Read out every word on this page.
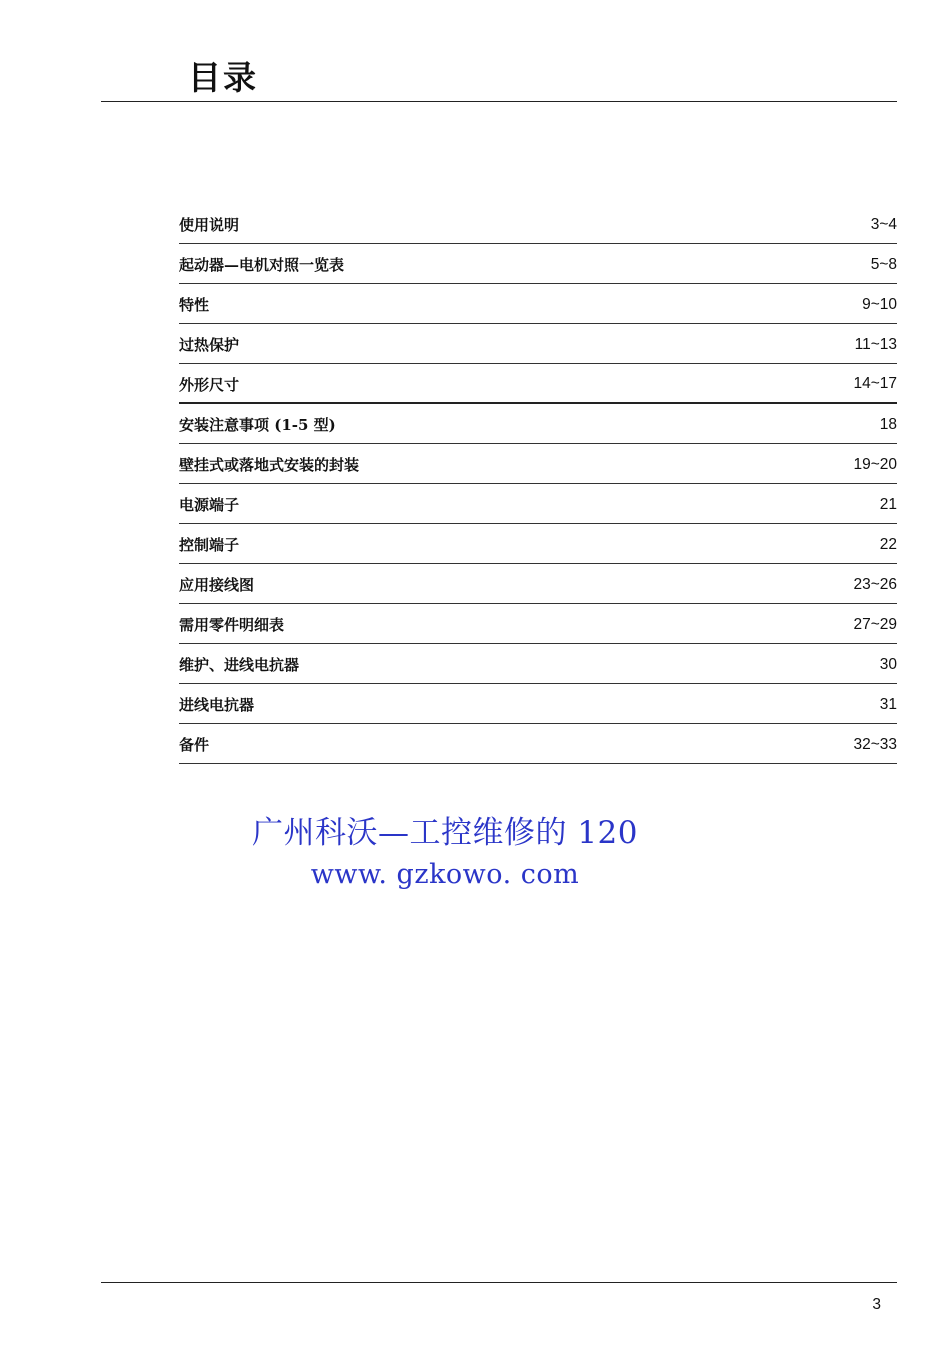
目录
使用说明	3~4
起动器—电机对照一览表	5~8
特性	9~10
过热保护	11~13
外形尺寸	14~17
安装注意事项 (1-5 型)	18
壁挂式或落地式安装的封装	19~20
电源端子	21
控制端子	22
应用接线图	23~26
需用零件明细表	27~29
维护、进线电抗器	30
进线电抗器	31
备件	32~33
广州科沃—工控维修的 120
www. gzkowo. com
3
